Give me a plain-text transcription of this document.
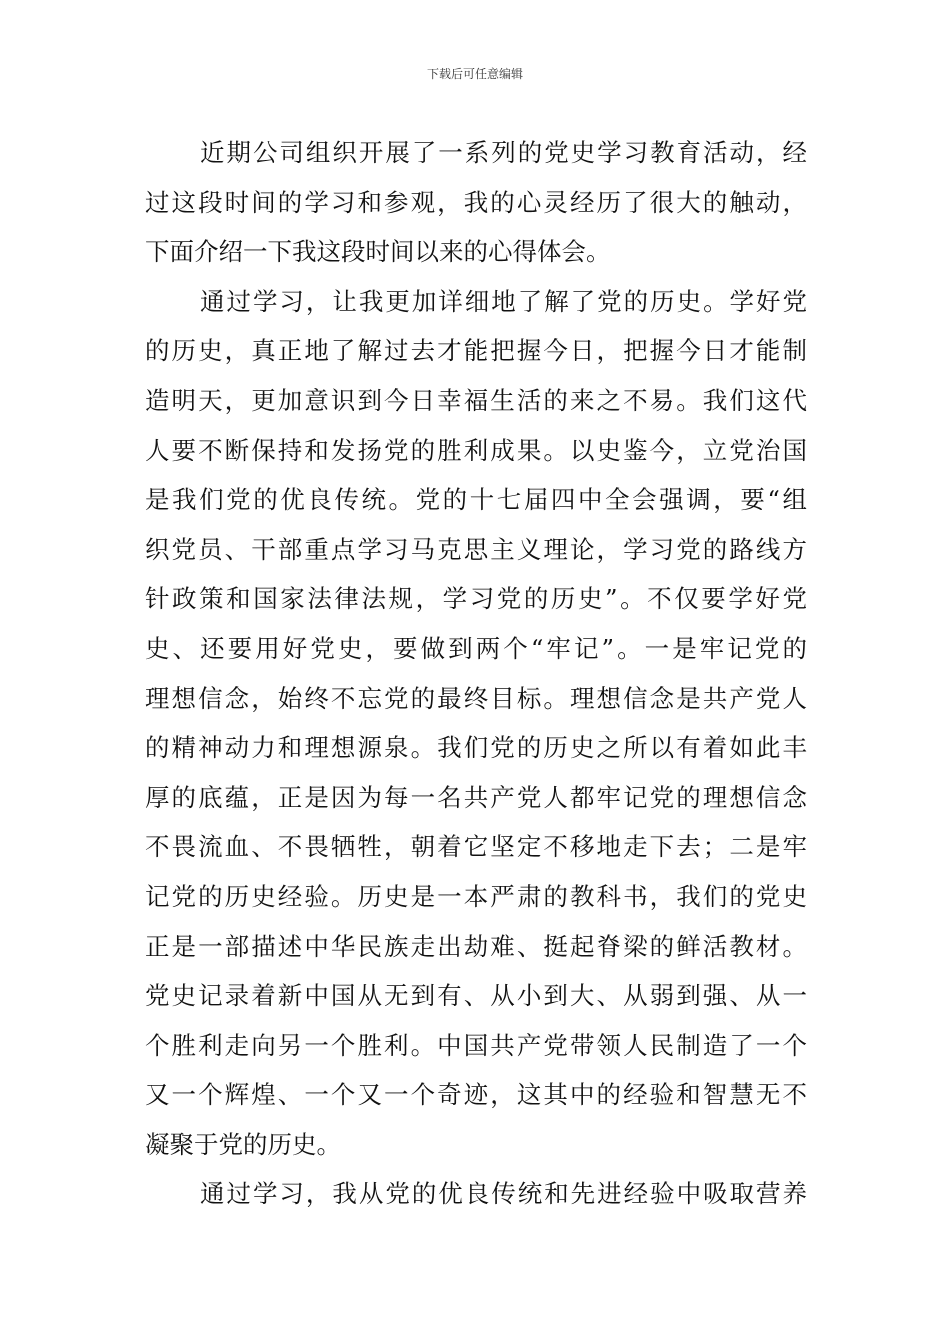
下载后可任意编辑
近期公司组织开展了一系列的党史学习教育活动，经
过这段时间的学习和参观，我的心灵经历了很大的触动，
下面介绍一下我这段时间以来的心得体会。
通过学习，让我更加详细地了解了党的历史。学好党
的历史，真正地了解过去才能把握今日，把握今日才能制
造明天，更加意识到今日幸福生活的来之不易。我们这代
人要不断保持和发扬党的胜利成果。以史鉴今，立党治国
是我们党的优良传统。党的十七届四中全会强调，要“组
织党员、干部重点学习马克思主义理论，学习党的路线方
针政策和国家法律法规，学习党的历史”。不仅要学好党
史、还要用好党史，要做到两个“牢记”。一是牢记党的
理想信念，始终不忘党的最终目标。理想信念是共产党人
的精神动力和理想源泉。我们党的历史之所以有着如此丰
厚的底蕴，正是因为每一名共产党人都牢记党的理想信念
不畏流血、不畏牺牲，朝着它坚定不移地走下去；二是牢
记党的历史经验。历史是一本严肃的教科书，我们的党史
正是一部描述中华民族走出劫难、挺起脊梁的鲜活教材。
党史记录着新中国从无到有、从小到大、从弱到强、从一
个胜利走向另一个胜利。中国共产党带领人民制造了一个
又一个辉煌、一个又一个奇迹，这其中的经验和智慧无不
凝聚于党的历史。
通过学习，我从党的优良传统和先进经验中吸取营养
